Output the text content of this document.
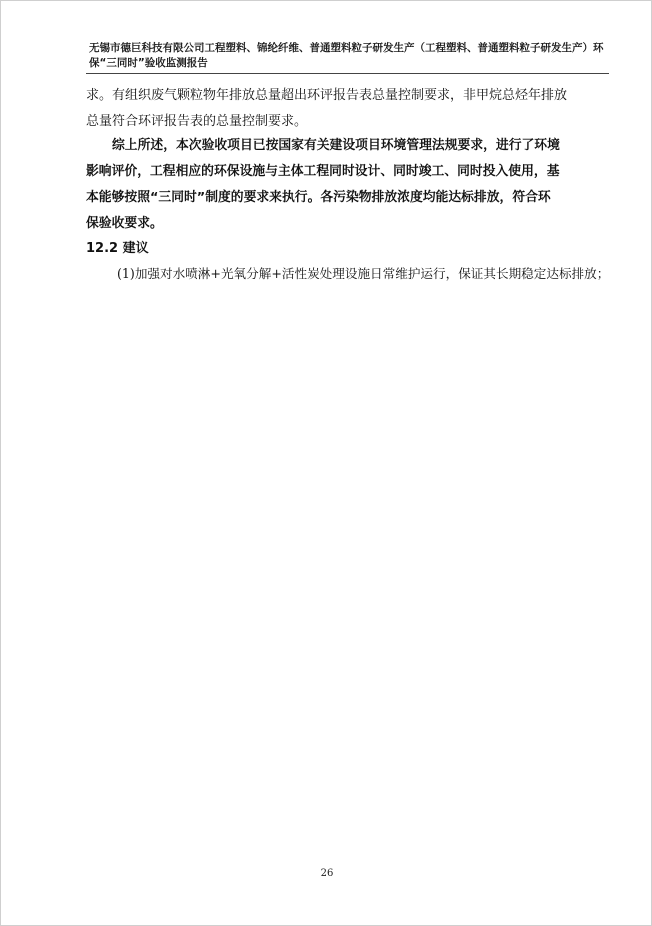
无锡市德巨科技有限公司工程塑料、锦纶纤维、普通塑料粒子研发生产（工程塑料、普通塑料粒子研发生产）环
保“三同时”验收监测报告
求。有组织废气颗粒物年排放总量超出环评报告表总量控制要求，非甲烷总烃年排放
总量符合环评报告表的总量控制要求。
综上所述，本次验收项目已按国家有关建设项目环境管理法规要求，进行了环境
影响评价，工程相应的环保设施与主体工程同时设计、同时竣工、同时投入使用，基
本能够按照“三同时”制度的要求来执行。各污染物排放浓度均能达标排放，符合环
保验收要求。
12.2 建议
(1)加强对水喷淋+光氧分解+活性炭处理设施日常维护运行，保证其长期稳定达标排放；
26
